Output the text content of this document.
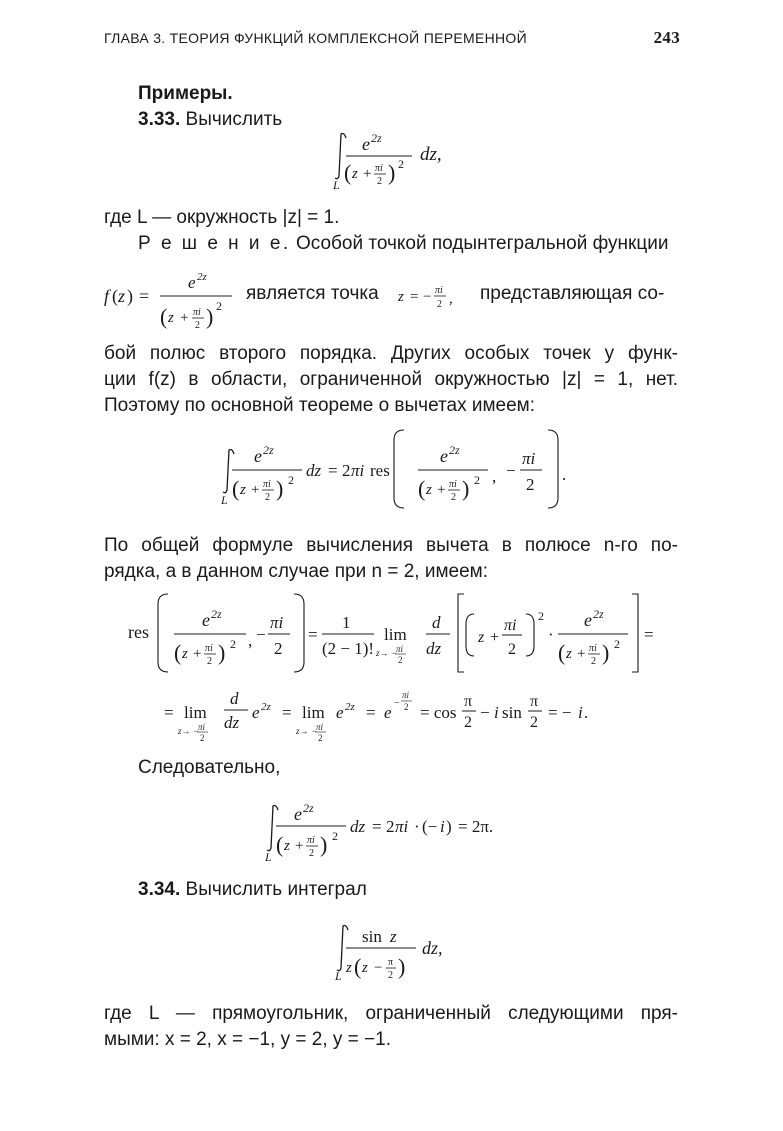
ГЛАВА 3. ТЕОРИЯ ФУНКЦИЙ КОМПЛЕКСНОЙ ПЕРЕМЕННОЙ	243
Примеры.
3.33. Вычислить
L
e 2z
( z + πi
2 ) 2 dz,
где L — окружность |z| = 1.
Р е ш е н и е. Особой точкой подынтегральной функции
f ( z ) =
e 2z
( z + πi
2 ) 2
является точка z = − πi
2 , представляющая со-
бой полюс второго порядка. Других особых точек у функ-
ции f(z) в области, ограниченной окружностью |z| = 1, нет.
Поэтому по основной теореме о вычетах имеем:
L
e 2z
( z + πi
2 ) 2 dz = 2 πi res
e 2z
( z + πi
2 ) 2 , −
πi
2
.
По общей формуле вычисления вычета в полюсе n-го по-
рядка, а в данном случае при n = 2, имеем:
res
e 2z
( z + πi
2 ) 2 , −
πi
2
=
1
(2 − 1)!
lim
z→ − πi
2
d
dz
z +
πi
2
2
·
e 2z
( z + πi
2 ) 2 =
= lim
z→ − πi
2
d
dz
e 2z = lim
z→ − πi
2
e 2z = e −
πi
2 = cos
π
2
− i sin
π
2
= − i .
Следовательно,
L
e 2z
( z + πi
2 ) 2 dz = 2 πi · (− i ) = 2π.
3.34. Вычислить интеграл
L
sin z
z ( z − π
2 )
dz,
где L — прямоугольник, ограниченный следующими пря-
мыми: x = 2, x = −1, y = 2, y = −1.
